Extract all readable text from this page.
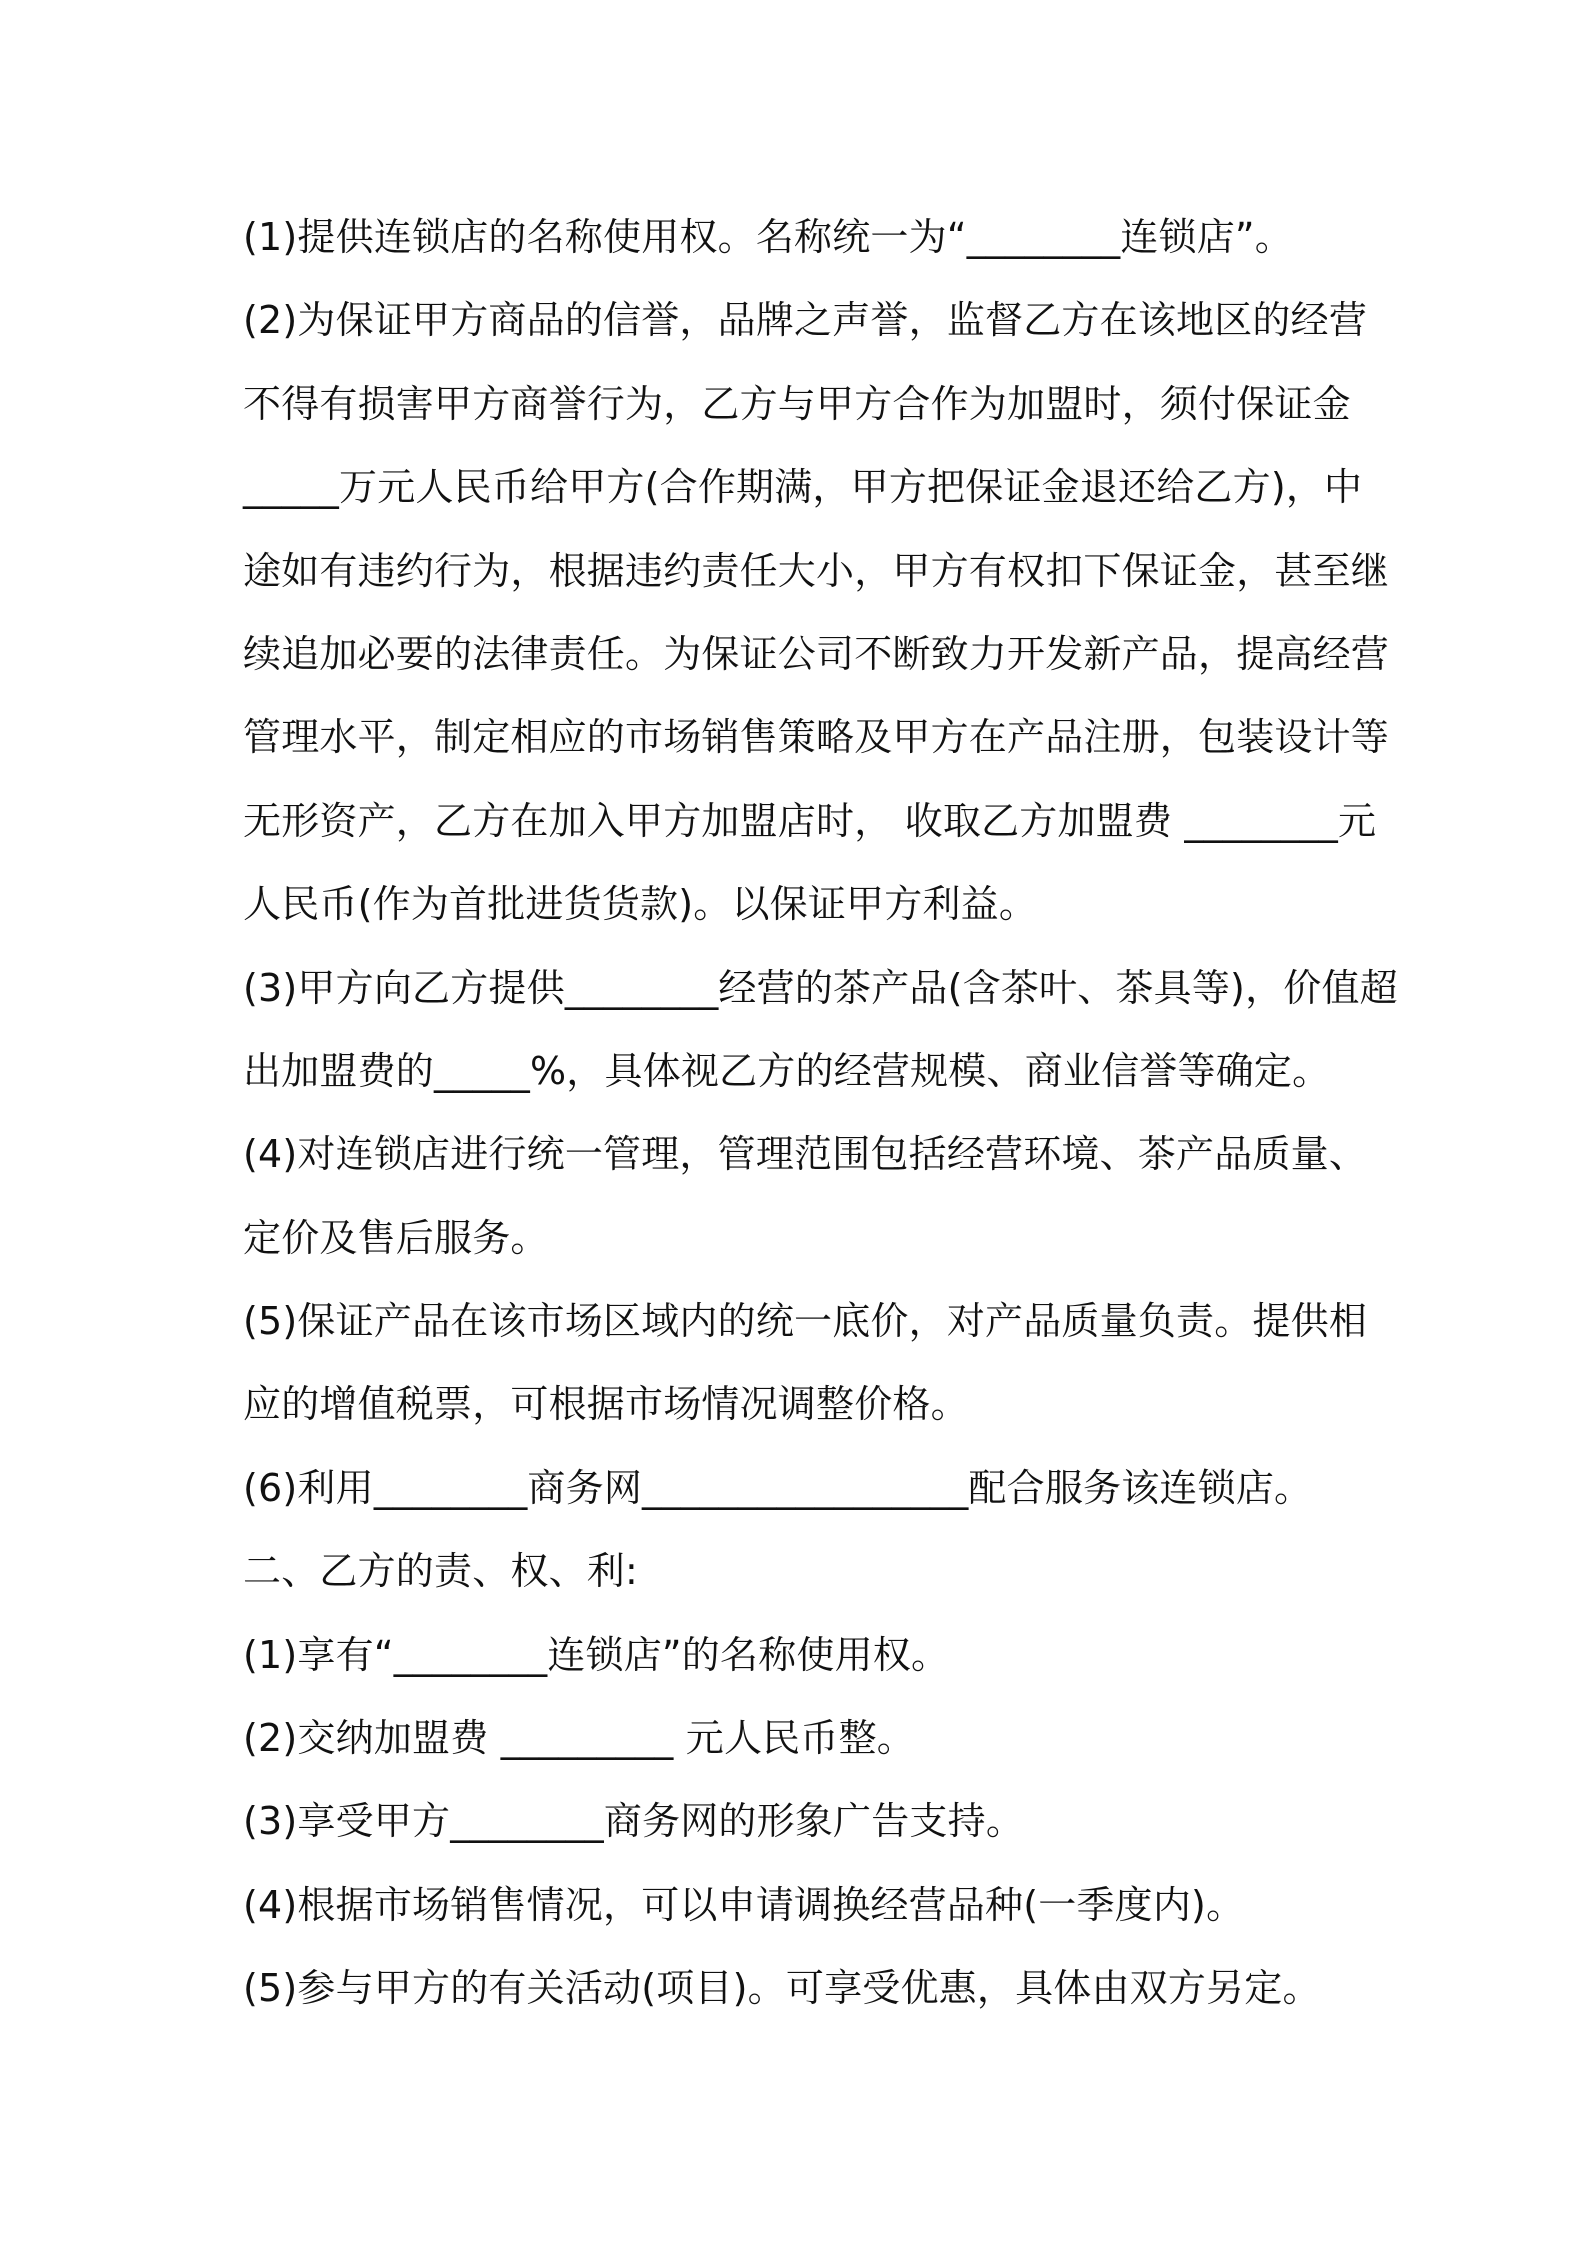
(1)提供连锁店的名称使用权。名称统一为“________连锁店”。
(2)为保证甲方商品的信誉，品牌之声誉，监督乙方在该地区的经营
不得有损害甲方商誉行为，乙方与甲方合作为加盟时，须付保证金
_____万元人民币给甲方(合作期满，甲方把保证金退还给乙方)，中
途如有违约行为，根据违约责任大小，甲方有权扣下保证金，甚至继
续追加必要的法律责任。为保证公司不断致力开发新产品，提高经营
管理水平，制定相应的市场销售策略及甲方在产品注册，包装设计等
无形资产，乙方在加入甲方加盟店时， 收取乙方加盟费 ________元
人民币(作为首批进货货款)。以保证甲方利益。
(3)甲方向乙方提供________经营的茶产品(含茶叶、茶具等)，价值超
出加盟费的_____%，具体视乙方的经营规模、商业信誉等确定。
(4)对连锁店进行统一管理，管理范围包括经营环境、茶产品质量、
定价及售后服务。
(5)保证产品在该市场区域内的统一底价，对产品质量负责。提供相
应的增值税票，可根据市场情况调整价格。
(6)利用________商务网_________________配合服务该连锁店。
二、乙方的责、权、利:
(1)享有“________连锁店”的名称使用权。
(2)交纳加盟费 _________ 元人民币整。
(3)享受甲方________商务网的形象广告支持。
(4)根据市场销售情况，可以申请调换经营品种(一季度内)。
(5)参与甲方的有关活动(项目)。可享受优惠，具体由双方另定。
